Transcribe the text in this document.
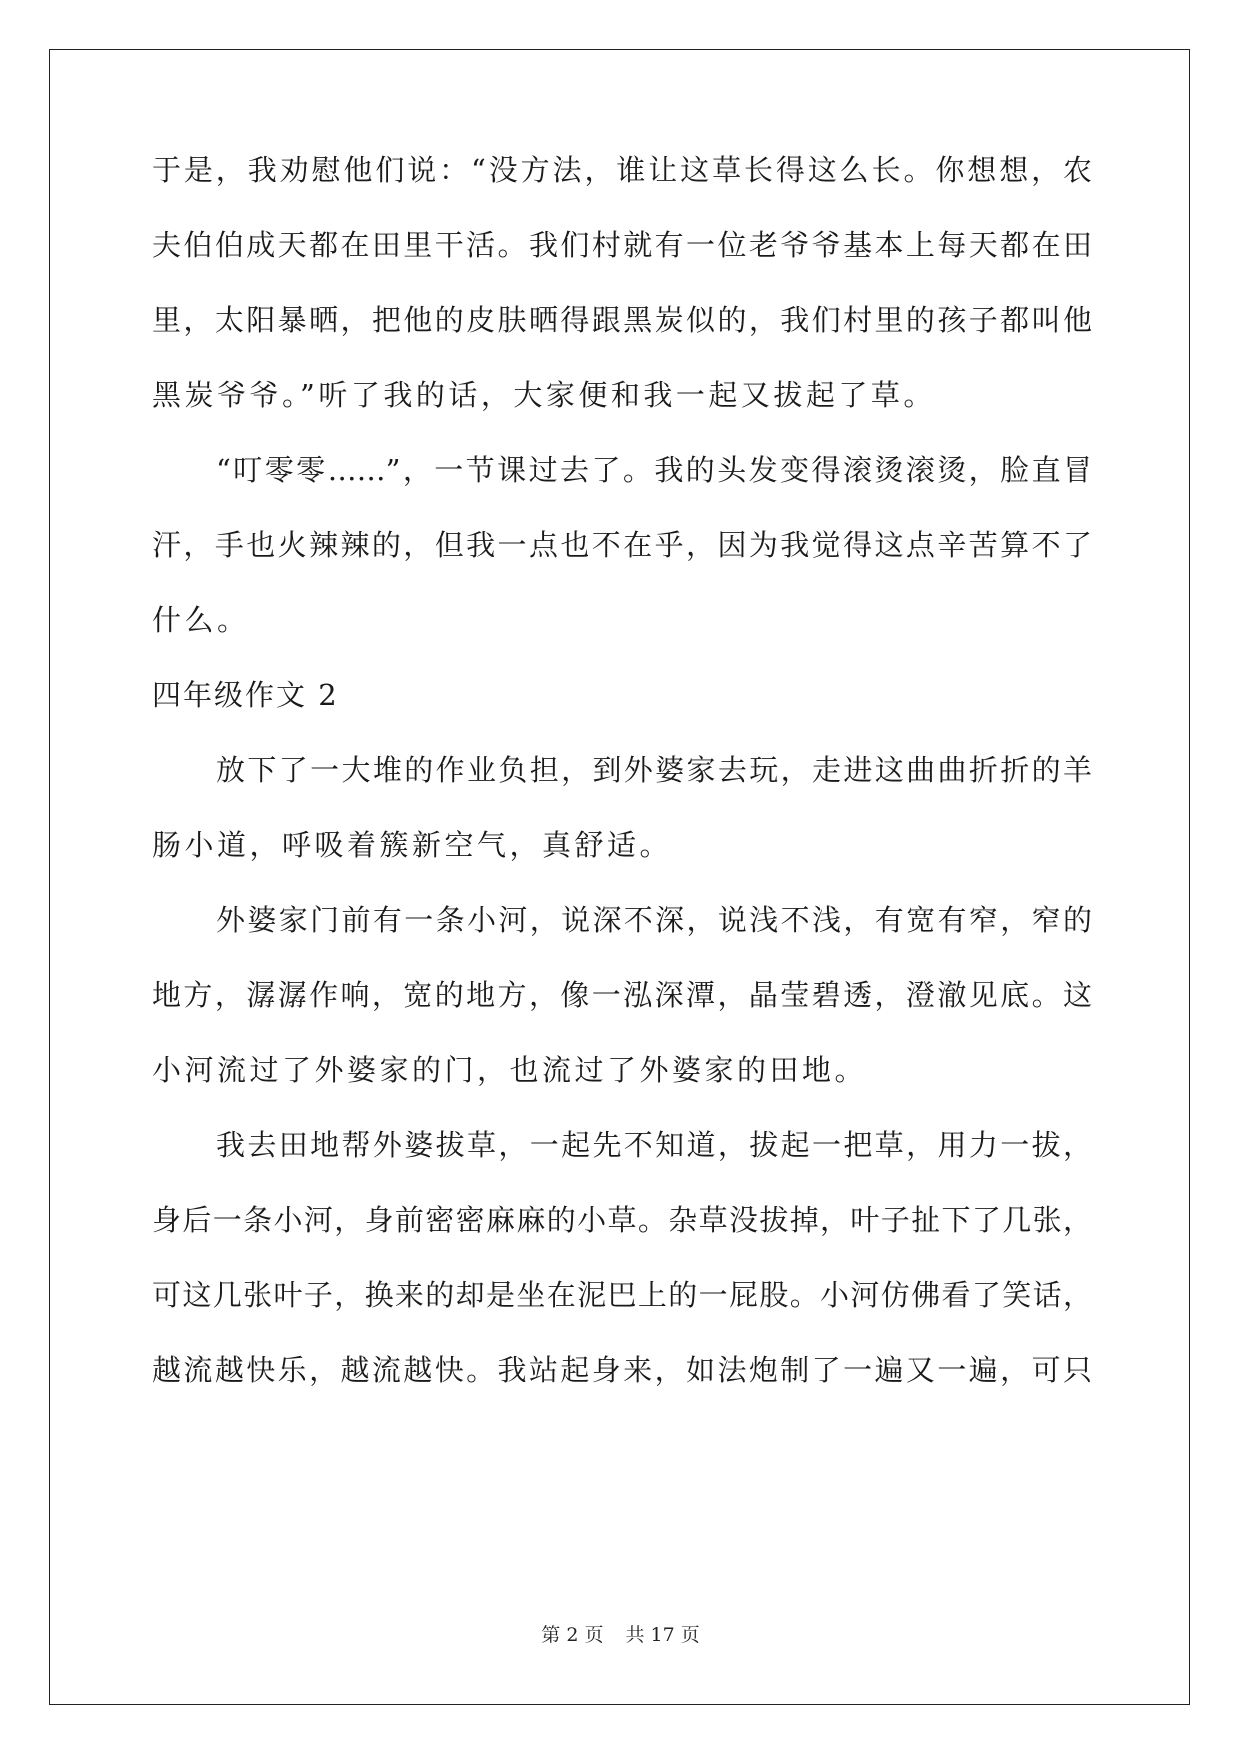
于是，我劝慰他们说：“没方法，谁让这草长得这么长。你想想，农
夫伯伯成天都在田里干活。我们村就有一位老爷爷基本上每天都在田
里，太阳暴晒，把他的皮肤晒得跟黑炭似的，我们村里的孩子都叫他
黑炭爷爷。”听了我的话，大家便和我一起又拔起了草。
“叮零零……”，一节课过去了。我的头发变得滚烫滚烫，脸直冒
汗，手也火辣辣的，但我一点也不在乎，因为我觉得这点辛苦算不了
什么。
四年级作文 2
放下了一大堆的作业负担，到外婆家去玩，走进这曲曲折折的羊
肠小道，呼吸着簇新空气，真舒适。
外婆家门前有一条小河，说深不深，说浅不浅，有宽有窄，窄的
地方，潺潺作响，宽的地方，像一泓深潭，晶莹碧透，澄澈见底。这
小河流过了外婆家的门，也流过了外婆家的田地。
我去田地帮外婆拔草，一起先不知道，拔起一把草，用力一拔，
身后一条小河，身前密密麻麻的小草。杂草没拔掉，叶子扯下了几张，
可这几张叶子，换来的却是坐在泥巴上的一屁股。小河仿佛看了笑话，
越流越快乐，越流越快。我站起身来，如法炮制了一遍又一遍，可只
第 2 页 共 17 页
